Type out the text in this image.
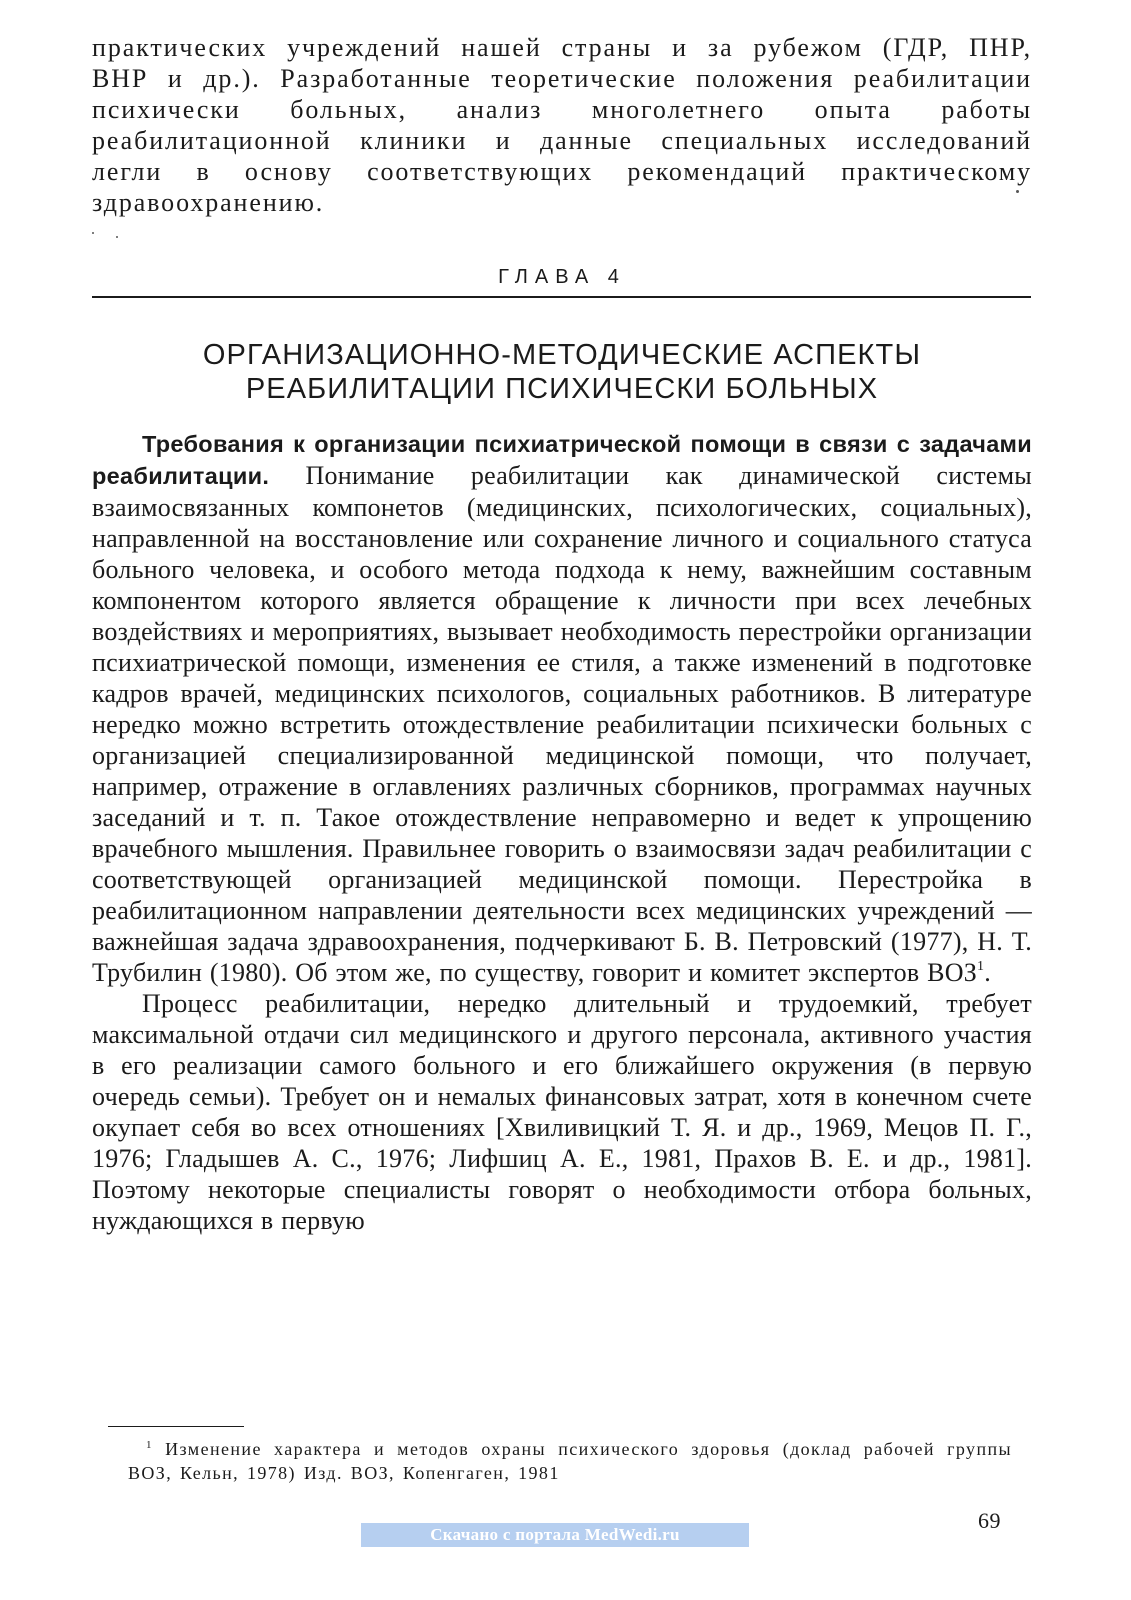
практических учреждений нашей страны и за рубежом (ГДР, ПНР, ВНР и др.). Разработанные теоретические положения реабилитации психически больных, анализ многолетнего опыта работы реабилитационной клиники и данные специальных исследований легли в основу соответствующих рекомендаций практическому здравоохранению.
ГЛАВА 4
ОРГАНИЗАЦИОННО-МЕТОДИЧЕСКИЕ АСПЕКТЫ
РЕАБИЛИТАЦИИ ПСИХИЧЕСКИ БОЛЬНЫХ

Требования к организации психиатрической помощи в связи с задачами реабилитации. Понимание реабилитации как динамической системы взаимосвязанных компонетов (медицинских, психологических, социальных), направленной на восстановление или сохранение личного и социального статуса больного человека, и особого метода подхода к нему, важнейшим составным компонентом которого является обращение к личности при всех лечебных воздействиях и мероприятиях, вызывает необходимость перестройки организации психиатрической помощи, изменения ее стиля, а также изменений в подготовке кадров врачей, медицинских психологов, социальных работников. В литературе нередко можно встретить отождествление реабилитации психически больных с организацией специализированной медицинской помощи, что получает, например, отражение в оглавлениях различных сборников, программах научных заседаний и т. п. Такое отождествление неправомерно и ведет к упрощению врачебного мышления. Правильнее говорить о взаимосвязи задач реабилитации с соответствующей организацией медицинской помощи. Перестройка в реабилитационном направлении деятельности всех медицинских учреждений — важнейшая задача здравоохранения, подчеркивают Б. В. Петровский (1977), Н. Т. Трубилин (1980). Об этом же, по существу, говорит и комитет экспертов ВОЗ$^1$.

Процесс реабилитации, нередко длительный и трудоемкий, требует максимальной отдачи сил медицинского и другого персонала, активного участия в его реализации самого больного и его ближайшего окружения (в первую очередь семьи). Требует он и немалых финансовых затрат, хотя в конечном счете окупает себя во всех отношениях [Хвиливицкий Т. Я. и др., 1969, Мецов П. Г., 1976; Гладышев А. С., 1976; Лифшиц А. Е., 1981, Прахов В. Е. и др., 1981]. Поэтому некоторые специалисты говорят о необходимости отбора больных, нуждающихся в первую

$^1$ Изменение характера и методов охраны психического здоровья (доклад рабочей группы ВОЗ, Кельн, 1978) Изд. ВОЗ, Копенгаген, 1981
69
Скачано с портала MedWedi.ru
